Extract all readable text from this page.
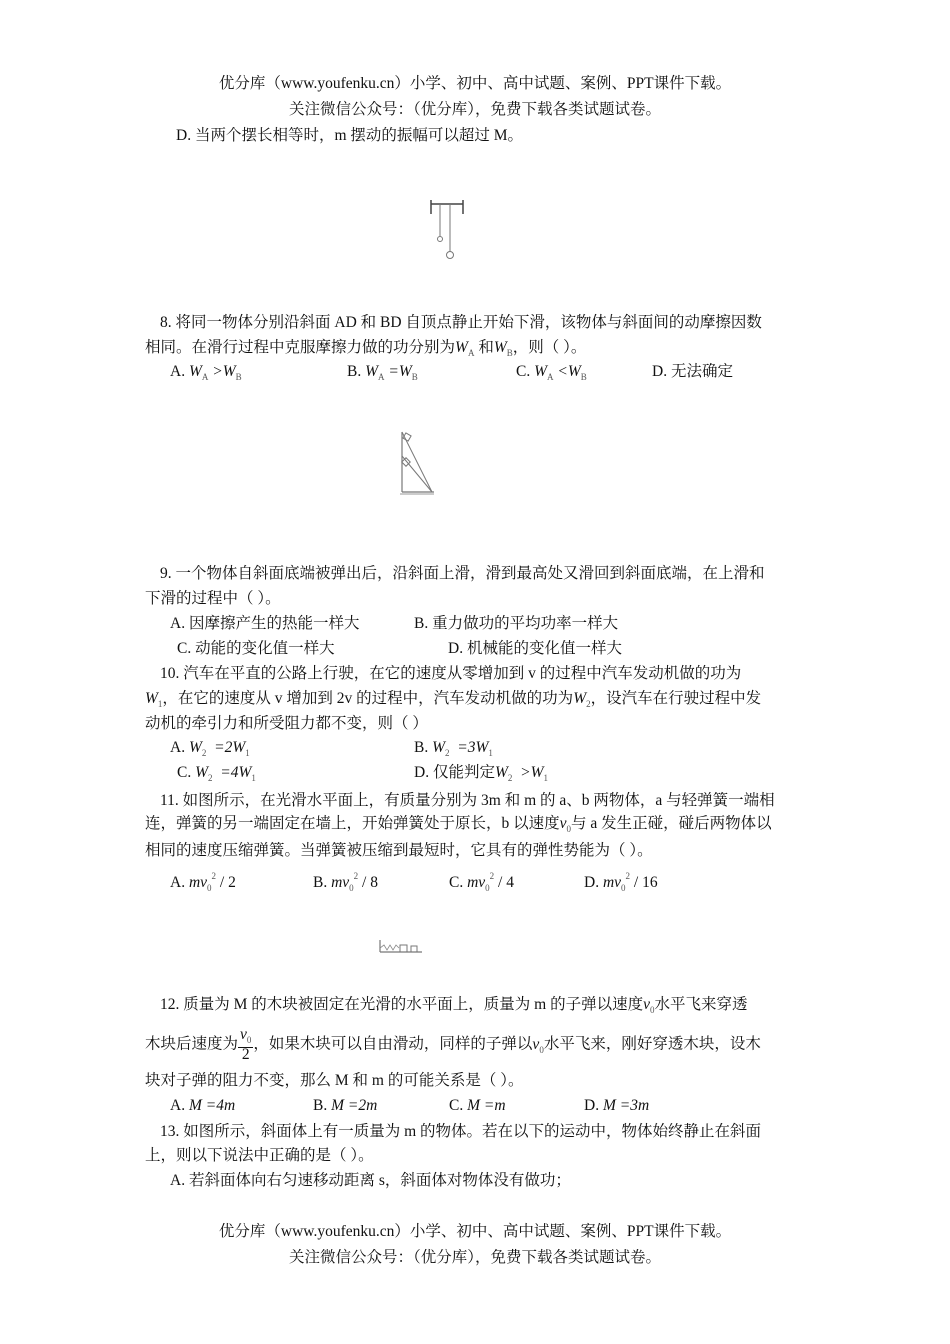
优分库（www.youfenku.cn）小学、初中、高中试题、案例、PPT课件下载。
关注微信公众号：（优分库），免费下载各类试题试卷。
D. 当两个摆长相等时，m 摆动的振幅可以超过 M。
8. 将同一物体分别沿斜面 AD 和 BD 自顶点静止开始下滑，该物体与斜面间的动摩擦因数
相同。在滑行过程中克服摩擦力做的功分别为$W_A$ 和$W_B$，则（ ）。
A. $W_A >W_B$	B. $W_A =W_B$	C. $W_A <W_B$	D. 无法确定
9. 一个物体自斜面底端被弹出后，沿斜面上滑，滑到最高处又滑回到斜面底端，在上滑和
下滑的过程中（ ）。
A. 因摩擦产生的热能一样大	B. 重力做功的平均功率一样大
C. 动能的变化值一样大	D. 机械能的变化值一样大
10. 汽车在平直的公路上行驶，在它的速度从零增加到 v 的过程中汽车发动机做的功为
$W_1$，在它的速度从 v 增加到 2v 的过程中，汽车发动机做的功为$W_2$，设汽车在行驶过程中发
动机的牵引力和所受阻力都不变，则（ ）
A. $W_2 =2W_1$	B. $W_2 =3W_1$
C. $W_2 =4W_1$	D. 仅能判定$W_2 >W_1$
11. 如图所示，在光滑水平面上，有质量分别为 3m 和 m 的 a、b 两物体，a 与轻弹簧一端相
连，弹簧的另一端固定在墙上，开始弹簧处于原长，b 以速度$v_0$与 a 发生正碰，碰后两物体以
相同的速度压缩弹簧。当弹簧被压缩到最短时，它具有的弹性势能为（ ）。
A. $mv_0^2 / 2$	B. $mv_0^2 / 8$	C. $mv_0^2 / 4$	D. $mv_0^2 / 16$
12. 质量为 M 的木块被固定在光滑的水平面上，质量为 m 的子弹以速度$v_0$水平飞来穿透
木块后速度为 $\frac{v_0}{2}$ ，如果木块可以自由滑动，同样的子弹以$v_0$水平飞来，刚好穿透木块，设木
块对子弹的阻力不变，那么 M 和 m 的可能关系是（ ）。
A. M =4m	B. M =2m	C. M =m	D. M =3m
13. 如图所示，斜面体上有一质量为 m 的物体。若在以下的运动中，物体始终静止在斜面
上，则以下说法中正确的是（ ）。
A. 若斜面体向右匀速移动距离 s，斜面体对物体没有做功；
优分库（www.youfenku.cn）小学、初中、高中试题、案例、PPT课件下载。
关注微信公众号：（优分库），免费下载各类试题试卷。
